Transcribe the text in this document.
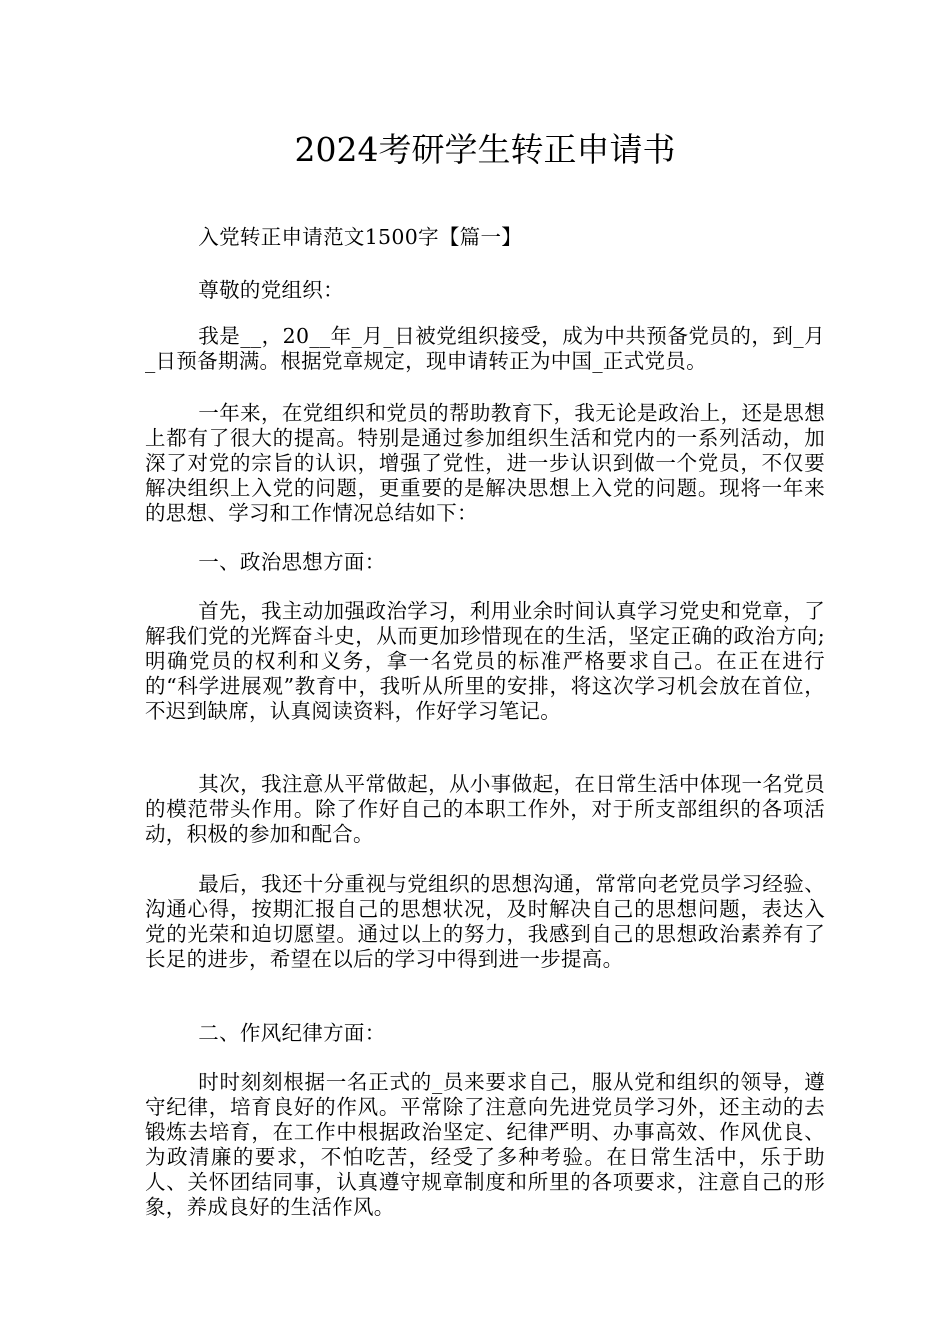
2024考研学生转正申请书

入党转正申请范文1500字【篇一】

尊敬的党组织：

我是__，20__年_月_日被党组织接受，成为中共预备党员的，到_月_日预备期满。根据党章规定，现申请转正为中国_正式党员。

一年来，在党组织和党员的帮助教育下，我无论是政治上，还是思想上都有了很大的提高。特别是通过参加组织生活和党内的一系列活动，加深了对党的宗旨的认识，增强了党性，进一步认识到做一个党员，不仅要解决组织上入党的问题，更重要的是解决思想上入党的问题。现将一年来的思想、学习和工作情况总结如下：

一、政治思想方面：

首先，我主动加强政治学习，利用业余时间认真学习党史和党章，了解我们党的光辉奋斗史，从而更加珍惜现在的生活，坚定正确的政治方向;明确党员的权利和义务，拿一名党员的标准严格要求自己。在正在进行的“科学进展观”教育中，我听从所里的安排，将这次学习机会放在首位，不迟到缺席，认真阅读资料，作好学习笔记。

其次，我注意从平常做起，从小事做起，在日常生活中体现一名党员的模范带头作用。除了作好自己的本职工作外，对于所支部组织的各项活动，积极的参加和配合。

最后，我还十分重视与党组织的思想沟通，常常向老党员学习经验、沟通心得，按期汇报自己的思想状况，及时解决自己的思想问题，表达入党的光荣和迫切愿望。通过以上的努力，我感到自己的思想政治素养有了长足的进步，希望在以后的学习中得到进一步提高。

二、作风纪律方面：

时时刻刻根据一名正式的_员来要求自己，服从党和组织的领导，遵守纪律，培育良好的作风。平常除了注意向先进党员学习外，还主动的去锻炼去培育，在工作中根据政治坚定、纪律严明、办事高效、作风优良、为政清廉的要求，不怕吃苦，经受了多种考验。在日常生活中，乐于助人、关怀团结同事，认真遵守规章制度和所里的各项要求，注意自己的形象，养成良好的生活作风。
